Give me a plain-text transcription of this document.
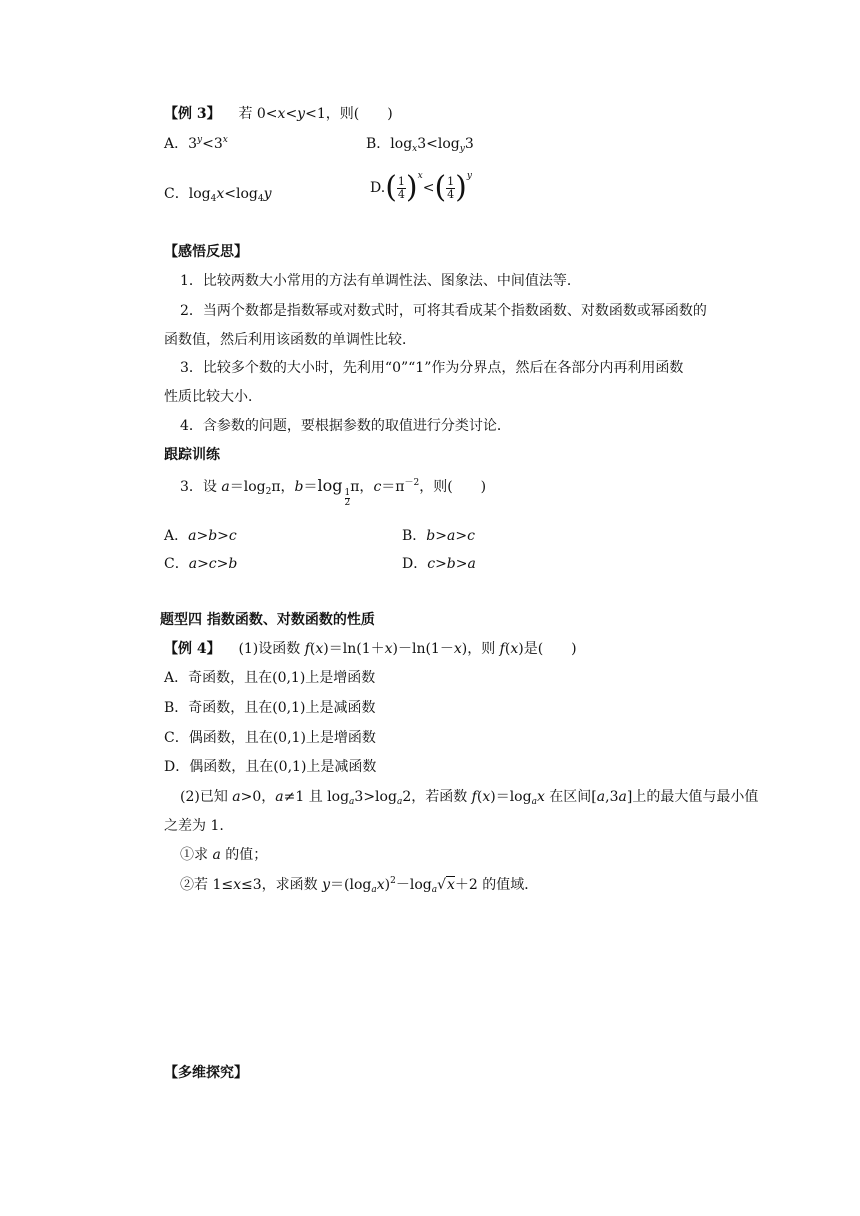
【例 3】 若 0<x<y<1，则(　　)
A．$3^y<3^x$	B．$\log_x3<\log_y3$
C．$\log_4x<\log_4y$	$D.( \frac{1}{4} )^x<( \frac{1}{4} )^y$
【感悟反思】
1．比较两数大小常用的方法有单调性法、图象法、中间值法等．
2．当两个数都是指数幂或对数式时，可将其看成某个指数函数、对数函数或幂函数的
函数值，然后利用该函数的单调性比较．
3．比较多个数的大小时，先利用“0”“1”作为分界点，然后在各部分内再利用函数
性质比较大小．
4．含参数的问题，要根据参数的取值进行分类讨论．
跟踪训练
3．设 $a=\log_2\pi$，b＝log
$\frac{1}{2}$
π，$c=\pi^{-2}$，则(　　)
A．a>b>c	B．b>a>c
C．a>c>b	D．c>b>a
题型四 指数函数、对数函数的性质
【例 4】 (1)设函数 f(x)＝ln(1＋x)－ln(1－x)，则 f(x)是(　　)
A．奇函数，且在(0,1)上是增函数
B．奇函数，且在(0,1)上是减函数
C．偶函数，且在(0,1)上是增函数
D．偶函数，且在(0,1)上是减函数
(2)已知 a>0，a≠1 且 $\log_a3>\log_a2$，若函数 $f(x)=\log_ax$ 在区间[a,3a]上的最大值与最小值
之差为 1.
①求 a 的值；
②若 1≤x≤3，求函数 $y=(\log_ax)^2-\log_a√x+2$ 的值域．
【多维探究】
